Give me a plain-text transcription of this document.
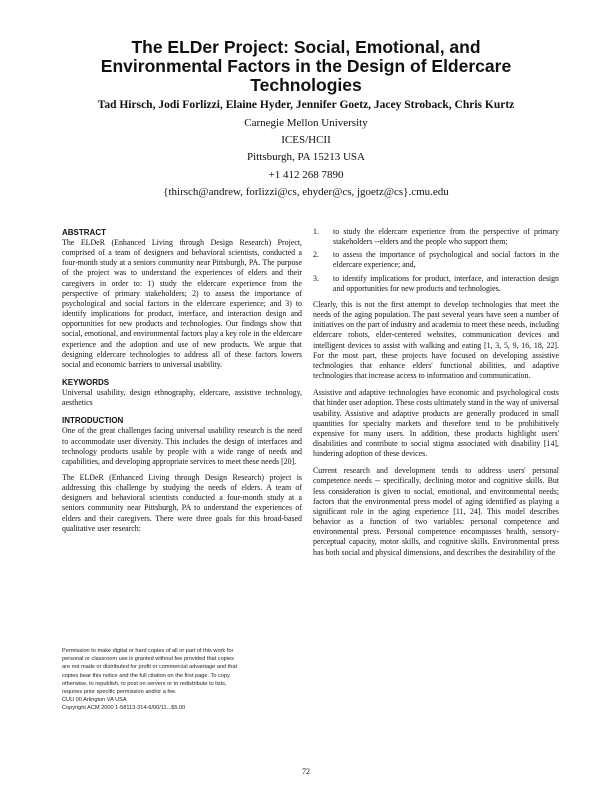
The ELDer Project: Social, Emotional, and
Environmental Factors in the Design of Eldercare
Technologies
Tad Hirsch, Jodi Forlizzi, Elaine Hyder, Jennifer Goetz, Jacey Stroback, Chris Kurtz
Carnegie Mellon University
ICES/HCII
Pittsburgh, PA 15213 USA
+1 412 268 7890
{thirsch@andrew, forlizzi@cs, ehyder@cs, jgoetz@cs}.cmu.edu
ABSTRACT

The ELDeR (Enhanced Living through Design Research) Project, comprised of a team of designers and behavioral scientists, conducted a four-month study at a seniors community near Pittsburgh, PA. The purpose of the project was to understand the experiences of elders and their caregivers in order to: 1) study the eldercare experience from the perspective of primary stakeholders; 2) to assess the importance of psychological and social factors in the eldercare experience; and 3) to identify implications for product, interface, and interaction design and opportunities for new products and technologies. Our findings show that social, emotional, and environmental factors play a key role in the eldercare experience and the adoption and use of new products. We argue that designing eldercare technologies to address all of these factors lowers social and economic barriers to universal usability.

KEYWORDS

Universal usability, design ethnography, eldercare, assistive technology, aesthetics

INTRODUCTION

One of the great challenges facing universal usability research is the need to accommodate user diversity. This includes the design of interfaces and technology products usable by people with a wide range of needs and capabilities, and developing appropriate services to meet these needs [20].

The ELDeR (Enhanced Living through Design Research) project is addressing this challenge by studying the needs of elders. A team of designers and behavioral scientists conducted a four-month study at a seniors community near Pittsburgh, PA to understand the experiences of elders and their caregivers. There were three goals for this broad-based qualitative user research:

Permission to make digital or hard copies of all or part of this work for
personal or classroom use is granted without fee provided that copies
are not made or distributed for profit or commercial advantage and that
copies bear this notice and the full citation on the first page. To copy
otherwise, to republish, to post on servers or to redistribute to lists,
requires prior specific permission and/or a fee.
CUU 00 Arlington VA USA
Copyright ACM 2000 1-58113-314-6/00/11...$5.00
1. to study the eldercare experience from the perspective of primary stakeholders --elders and the people who support them;
2. to assess the importance of psychological and social factors in the eldercare experience; and,
3. to identify implications for product, interface, and interaction design and opportunities for new products and technologies.

Clearly, this is not the first attempt to develop technologies that meet the needs of the aging population. The past several years have seen a number of initiatives on the part of industry and academia to meet these needs, including eldercare robots, elder-centered websites, communication devices and intelligent devices to assist with walking and eating [1, 3, 5, 9, 16, 18, 22]. For the most part, these projects have focused on developing assistive technologies that enhance elders' functional abilities, and adaptive technologies that increase access to information and communication.

Assistive and adaptive technologies have economic and psychological costs that hinder user adoption. These costs ultimately stand in the way of universal usability. Assistive and adaptive products are generally produced in small quantities for specialty markets and therefore tend to be prohibitively expensive for many users. In addition, these products highlight users' disabilities and contribute to social stigma associated with disability [14], hindering adoption of these devices.

Current research and development tends to address users' personal competence needs -- specifically, declining motor and cognitive skills. But less consideration is given to social, emotional, and environmental needs; factors that the environmental press model of aging identified as playing a significant role in the aging experience [11, 24]. This model describes behavior as a function of two variables: personal competence and environmental press. Personal competence encompasses health, sensory-perceptual capacity, motor skills, and cognitive skills. Environmental press has both social and physical dimensions, and describes the desirability of the

72
